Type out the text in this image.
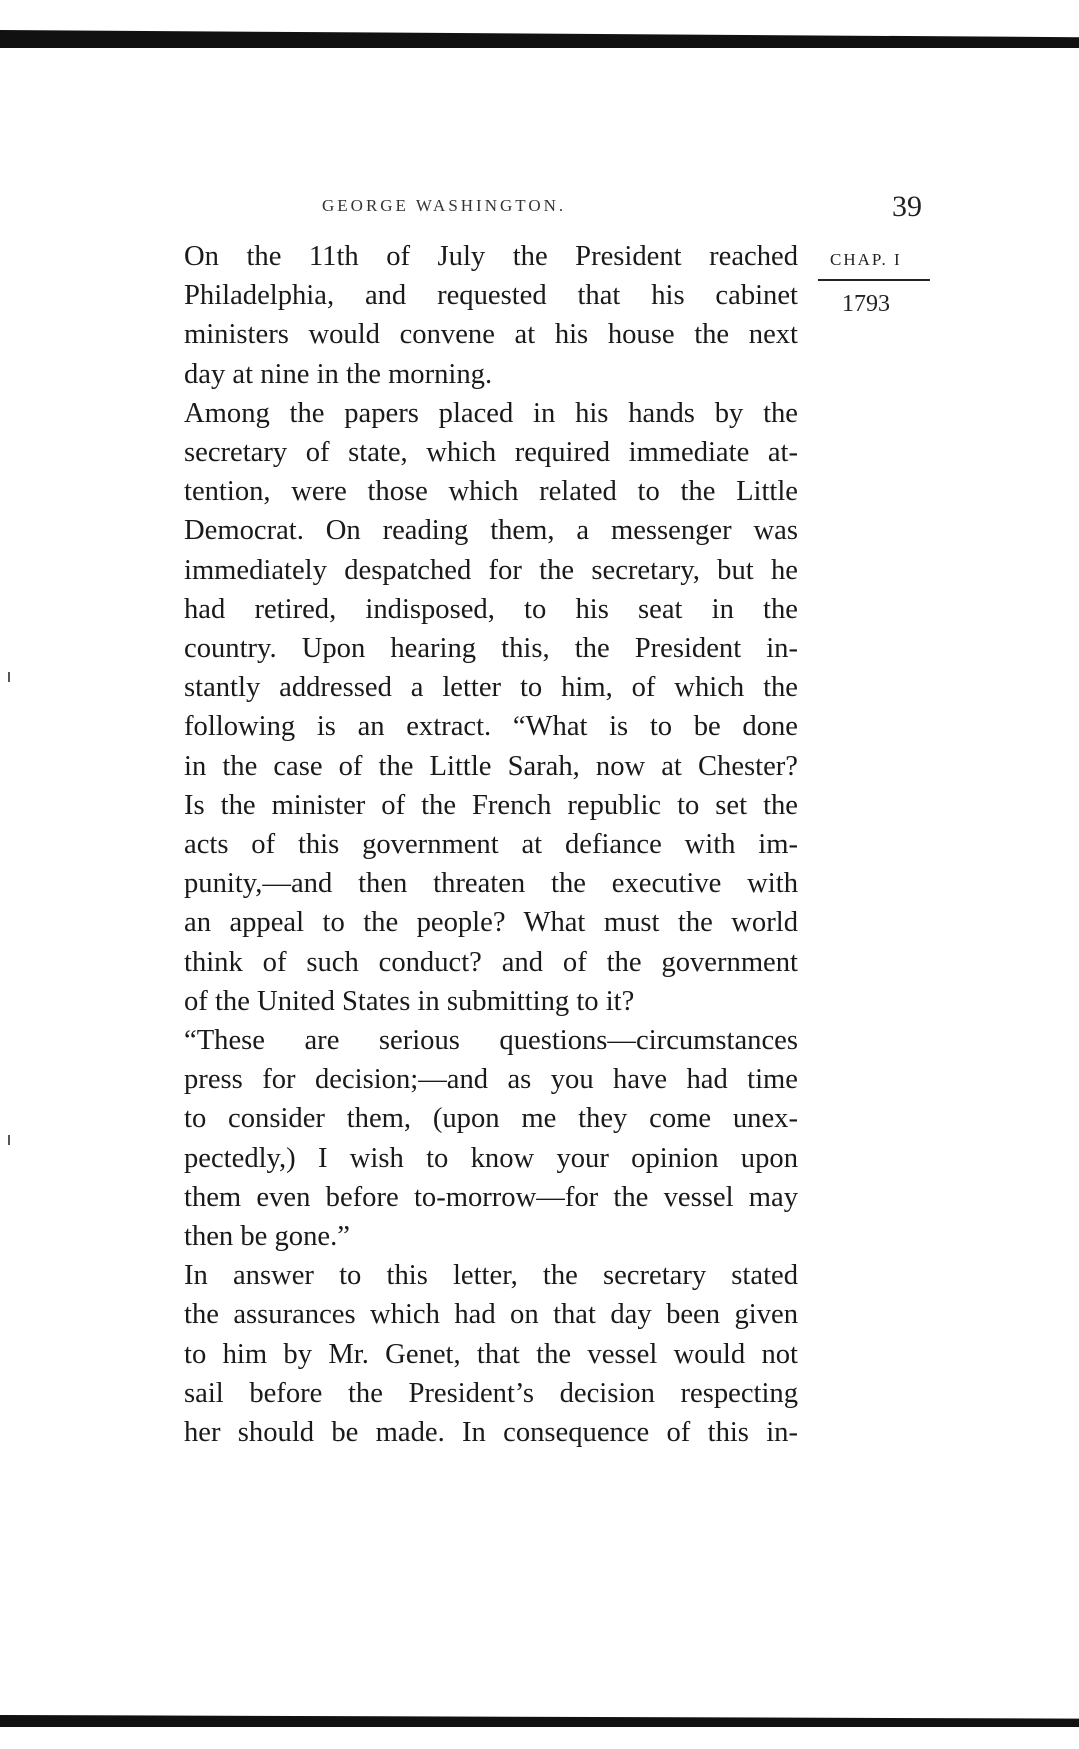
GEORGE WASHINGTON.	39
CHAP. I
1793

On the 11th of July the President reached
Philadelphia, and requested that his cabinet
ministers would convene at his house the next
day at nine in the morning.

Among the papers placed in his hands by the
secretary of state, which required immediate at-
tention, were those which related to the Little
Democrat. On reading them, a messenger was
immediately despatched for the secretary, but he
had retired, indisposed, to his seat in the
country. Upon hearing this, the President in-
stantly addressed a letter to him, of which the
following is an extract. “What is to be done
in the case of the Little Sarah, now at Chester?
Is the minister of the French republic to set the
acts of this government at defiance with im-
punity,—and then threaten the executive with
an appeal to the people? What must the world
think of such conduct? and of the government
of the United States in submitting to it?

“These are serious questions—circumstances
press for decision;—and as you have had time
to consider them, (upon me they come unex-
pectedly,) I wish to know your opinion upon
them even before to-morrow—for the vessel may
then be gone.”

In answer to this letter, the secretary stated
the assurances which had on that day been given
to him by Mr. Genet, that the vessel would not
sail before the President’s decision respecting
her should be made. In consequence of this in-
